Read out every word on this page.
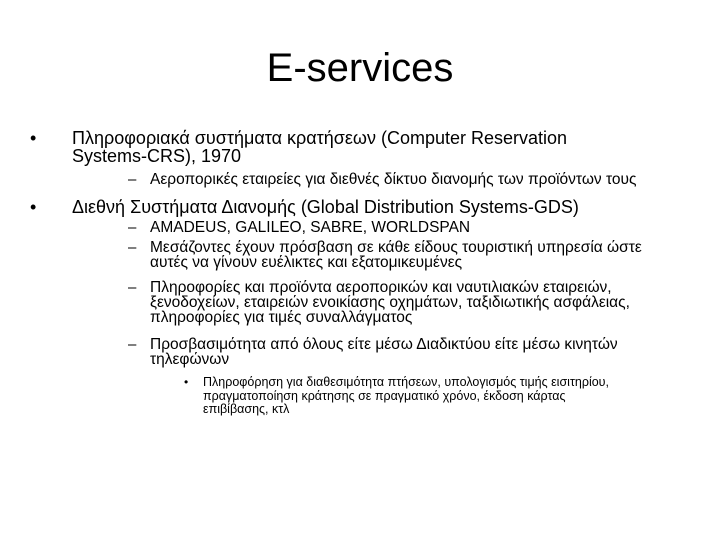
E-services
• Πληροφοριακά συστήματα κρατήσεων (Computer Reservation
Systems-CRS), 1970
– Αεροπορικές εταιρείες για διεθνές δίκτυο διανομής των προϊόντων τους
• Διεθνή Συστήματα Διανομής (Global Distribution Systems-GDS)
– AMADEUS, GALILEO, SABRE, WORLDSPAN
– Μεσάζοντες έχουν πρόσβαση σε κάθε είδους τουριστική υπηρεσία ώστε
αυτές να γίνουν ευέλικτες και εξατομικευμένες
– Πληροφορίες και προϊόντα αεροπορικών και ναυτιλιακών εταιρειών,
ξενοδοχείων, εταιρειών ενοικίασης οχημάτων, ταξιδιωτικής ασφάλειας,
πληροφορίες για τιμές συναλλάγματος
– Προσβασιμότητα από όλους είτε μέσω Διαδικτύου είτε μέσω κινητών
τηλεφώνων
• Πληροφόρηση για διαθεσιμότητα πτήσεων, υπολογισμός τιμής εισιτηρίου,
πραγματοποίηση κράτησης σε πραγματικό χρόνο, έκδοση κάρτας
επιβίβασης, κτλ
